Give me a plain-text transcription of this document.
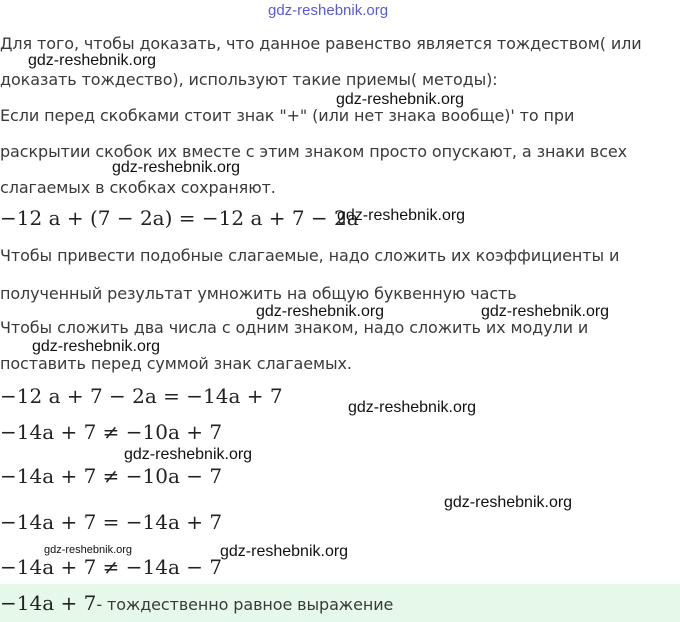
gdz-reshebnik.org
Для того, чтобы доказать, что данное равенство является тождеством( или
gdz-reshebnik.org
доказать тождество), используют такие приемы( методы):
gdz-reshebnik.org
Если перед скобками стоит знак "+" (или нет знака вообще)' то при
раскрытии скобок их вместе с этим знаком просто опускают, а знаки всех
gdz-reshebnik.org
слагаемых в скобках сохраняют.
−12 a + (7 − 2a) = −12 a + 7 − 2a
gdz-reshebnik.org
Чтобы привести подобные слагаемые, надо сложить их коэффициенты и
полученный результат умножить на общую буквенную часть
gdz-reshebnik.org	gdz-reshebnik.org
Чтобы сложить два числа с одним знаком, надо сложить их модули и
gdz-reshebnik.org
поставить перед суммой знак слагаемых.
−12 a + 7 − 2a = −14a + 7	gdz-reshebnik.org
−14a + 7 ≠ −10a + 7
gdz-reshebnik.org
−14a + 7 ≠ −10a − 7
gdz-reshebnik.org
−14a + 7 = −14a + 7
gdz-reshebnik.org	gdz-reshebnik.org
−14a + 7 ≠ −14a − 7
−14a + 7- тождественно равное выражение
